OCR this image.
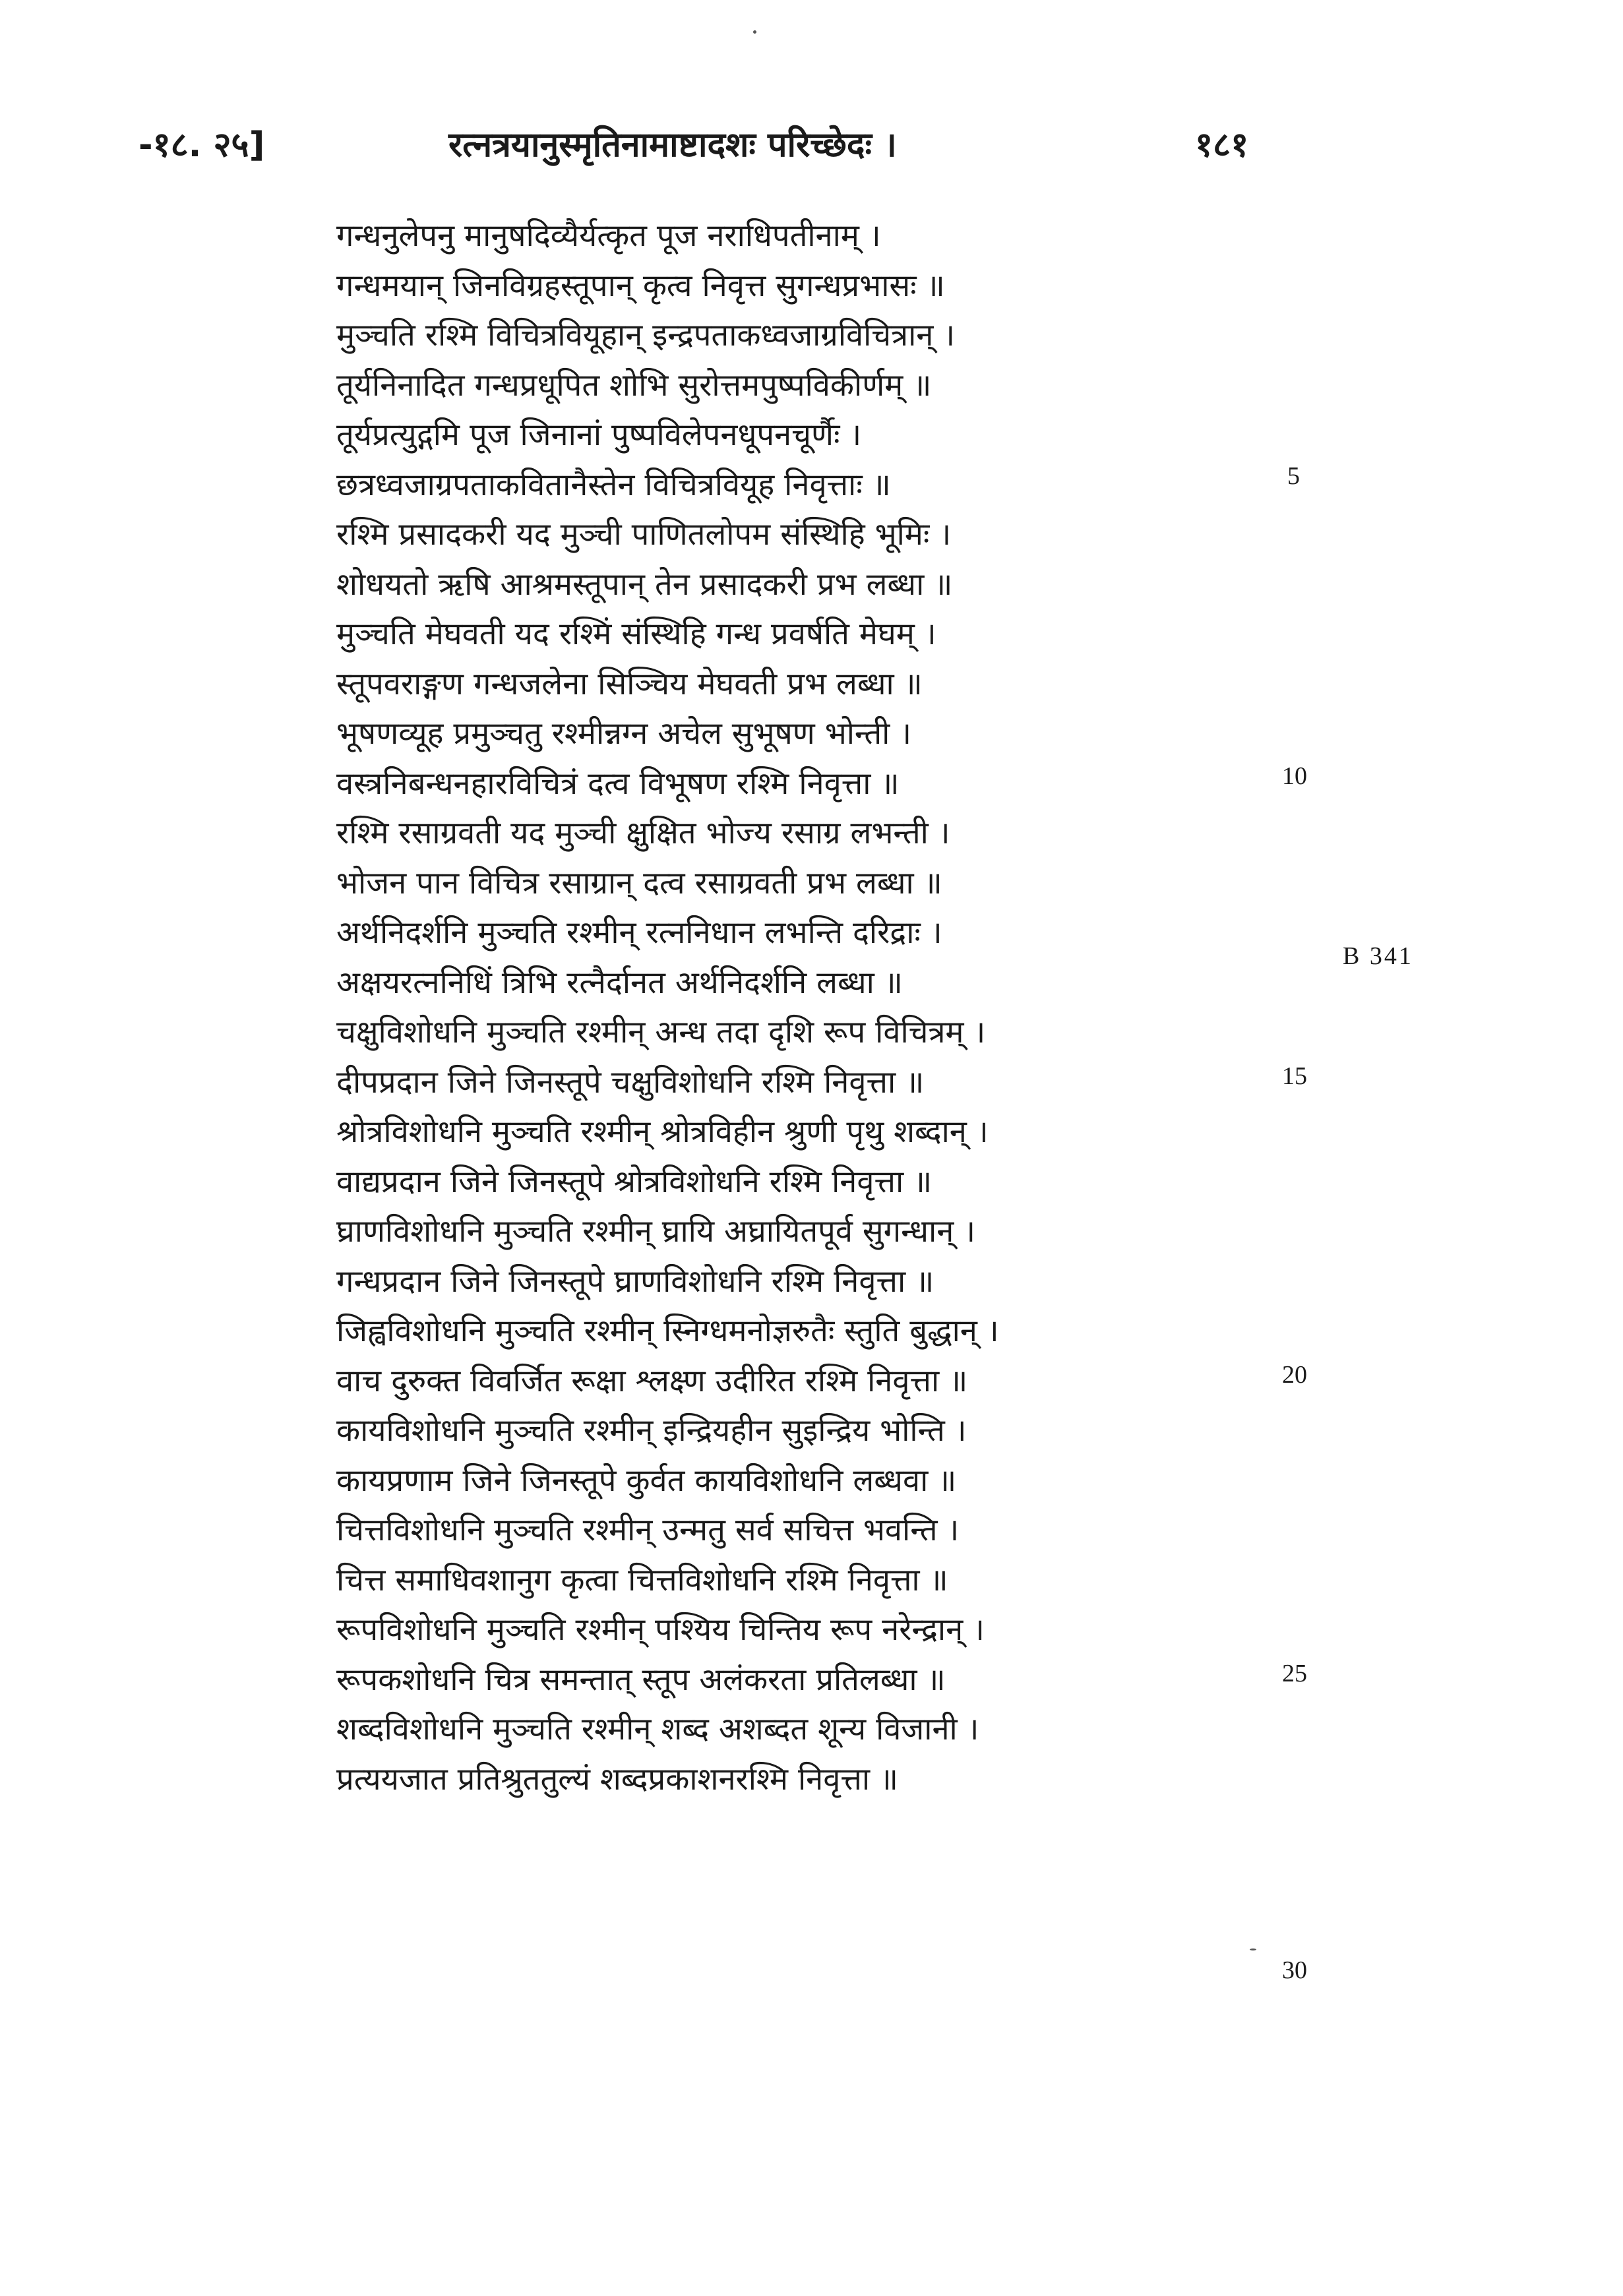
-१८. २५]	रत्नत्रयानुस्मृतिनामाष्टादशः परिच्छेदः ।	१८१
गन्धनुलेपनु मानुषदिव्यैर्यत्कृत पूज नराधिपतीनाम् ।
गन्धमयान् जिनविग्रहस्तूपान् कृत्व निवृत्त सुगन्धप्रभासः ॥
मुञ्चति रश्मि विचित्रवियूहान् इन्द्रपताकध्वजाग्रविचित्रान् ।
तूर्यनिनादित गन्धप्रधूपित शोभि सुरोत्तमपुष्पविकीर्णम् ॥
तूर्यप्रत्युद्गमि पूज जिनानां पुष्पविलेपनधूपनचूर्णैः ।
छत्रध्वजाग्रपताकवितानैस्तेन विचित्रवियूह निवृत्ताः ॥
रश्मि प्रसादकरी यद मुञ्ची पाणितलोपम संस्थिहि भूमिः ।
शोधयतो ऋषि आश्रमस्तूपान् तेन प्रसादकरी प्रभ लब्धा ॥
मुञ्चति मेघवती यद रश्मिं संस्थिहि गन्ध प्रवर्षति मेघम् ।
स्तूपवराङ्गण गन्धजलेना सिञ्चिय मेघवती प्रभ लब्धा ॥
भूषणव्यूह प्रमुञ्चतु रश्मीन्नग्न अचेल सुभूषण भोन्ती ।
वस्त्रनिबन्धनहारविचित्रं दत्व विभूषण रश्मि निवृत्ता ॥
रश्मि रसाग्रवती यद मुञ्ची क्षुक्षित भोज्य रसाग्र लभन्ती ।
भोजन पान विचित्र रसाग्रान् दत्व रसाग्रवती प्रभ लब्धा ॥
अर्थनिदर्शनि मुञ्चति रश्मीन् रत्ननिधान लभन्ति दरिद्राः ।
अक्षयरत्ननिधिं त्रिभि रत्नैर्दानत अर्थनिदर्शनि लब्धा ॥
चक्षुविशोधनि मुञ्चति रश्मीन् अन्ध तदा दृशि रूप विचित्रम् ।
दीपप्रदान जिने जिनस्तूपे चक्षुविशोधनि रश्मि निवृत्ता ॥
श्रोत्रविशोधनि मुञ्चति रश्मीन् श्रोत्रविहीन श्रुणी पृथु शब्दान् ।
वाद्यप्रदान जिने जिनस्तूपे श्रोत्रविशोधनि रश्मि निवृत्ता ॥
घ्राणविशोधनि मुञ्चति रश्मीन् घ्रायि अघ्रायितपूर्व सुगन्धान् ।
गन्धप्रदान जिने जिनस्तूपे घ्राणविशोधनि रश्मि निवृत्ता ॥
जिह्वविशोधनि मुञ्चति रश्मीन् स्निग्धमनोज्ञरुतैः स्तुति बुद्धान् ।
वाच दुरुक्त विवर्जित रूक्षा श्लक्ष्ण उदीरित रश्मि निवृत्ता ॥
कायविशोधनि मुञ्चति रश्मीन् इन्द्रियहीन सुइन्द्रिय भोन्ति ।
कायप्रणाम जिने जिनस्तूपे कुर्वत कायविशोधनि लब्धवा ॥
चित्तविशोधनि मुञ्चति रश्मीन् उन्मतु सर्व सचित्त भवन्ति ।
चित्त समाधिवशानुग कृत्वा चित्तविशोधनि रश्मि निवृत्ता ॥
रूपविशोधनि मुञ्चति रश्मीन् पश्यिय चिन्तिय रूप नरेन्द्रान् ।
रूपकशोधनि चित्र समन्तात् स्तूप अलंकरता प्रतिलब्धा ॥
शब्दविशोधनि मुञ्चति रश्मीन् शब्द अशब्दत शून्य विजानी ।
प्रत्ययजात प्रतिश्रुततुल्यं शब्दप्रकाशनरश्मि निवृत्ता ॥
5
10
15
20
25
30
B 341
